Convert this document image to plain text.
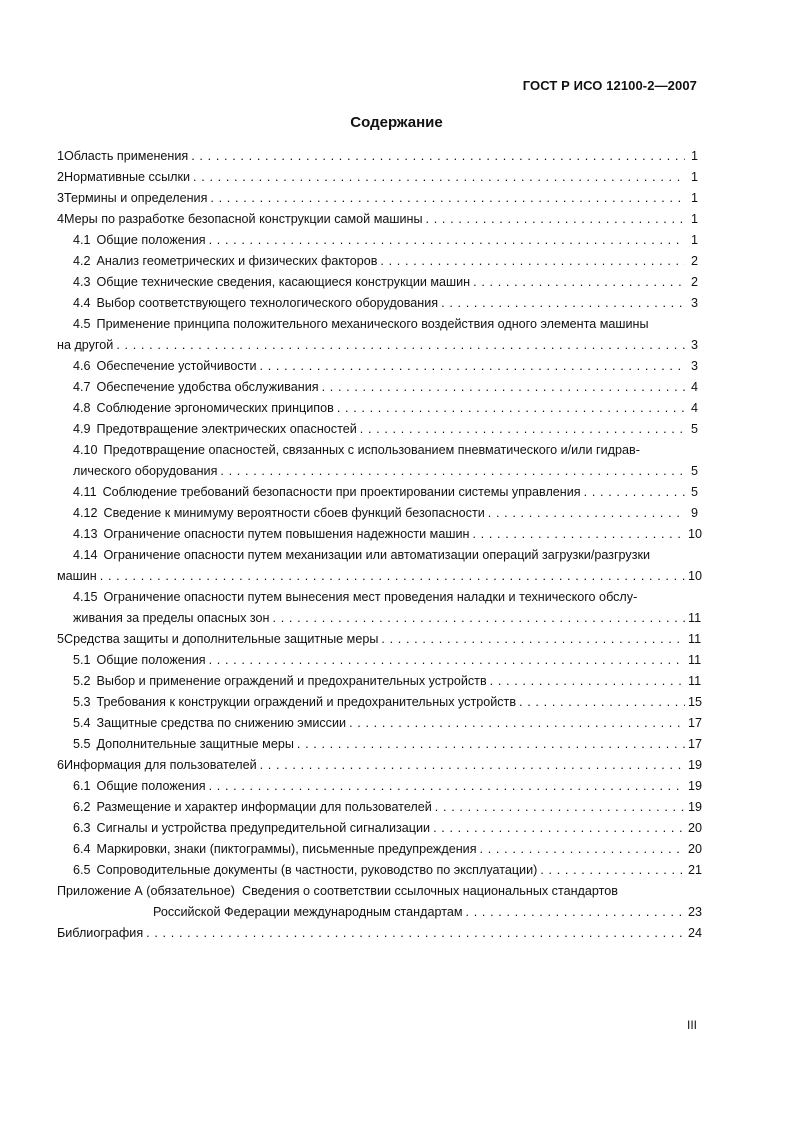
ГОСТ Р ИСО 12100-2—2007
Содержание
1 Область применения . . .	1
2 Нормативные ссылки . . .	1
3 Термины и определения . . .	1
4 Меры по разработке безопасной конструкции самой машины . . .	1
4.1 Общие положения . . .	1
4.2 Анализ геометрических и физических факторов . . .	2
4.3 Общие технические сведения, касающиеся конструкции машин . . .	2
4.4 Выбор соответствующего технологического оборудования . . .	3
4.5 Применение принципа положительного механического воздействия одного элемента машины
на другой . . .	3
4.6 Обеспечение устойчивости . . .	3
4.7 Обеспечение удобства обслуживания . . .	4
4.8 Соблюдение эргономических принципов . . .	4
4.9 Предотвращение электрических опасностей . . .	5
4.10 Предотвращение опасностей, связанных с использованием пневматического и/или гидрав-
лического оборудования . . .	5
4.11 Соблюдение требований безопасности при проектировании системы управления . . .	5
4.12 Сведение к минимуму вероятности сбоев функций безопасности . . .	9
4.13 Ограничение опасности путем повышения надежности машин . . .	10
4.14 Ограничение опасности путем механизации или автоматизации операций загрузки/разгрузки
машин . . .	10
4.15 Ограничение опасности путем вынесения мест проведения наладки и технического обслу-
живания за пределы опасных зон . . .	11
5 Средства защиты и дополнительные защитные меры . . .	11
5.1 Общие положения . . .	11
5.2 Выбор и применение ограждений и предохранительных устройств . . .	11
5.3 Требования к конструкции ограждений и предохранительных устройств . . .	15
5.4 Защитные средства по снижению эмиссии . . .	17
5.5 Дополнительные защитные меры . . .	17
6 Информация для пользователей . . .	19
6.1 Общие положения . . .	19
6.2 Размещение и характер информации для пользователей . . .	19
6.3 Сигналы и устройства предупредительной сигнализации . . .	20
6.4 Маркировки, знаки (пиктограммы), письменные предупреждения . . .	20
6.5 Сопроводительные документы (в частности, руководство по эксплуатации) . . .	21
Приложение А (обязательное) Сведения о соответствии ссылочных национальных стандартов
Российской Федерации международным стандартам . . .	23
Библиография . . .	24
III
